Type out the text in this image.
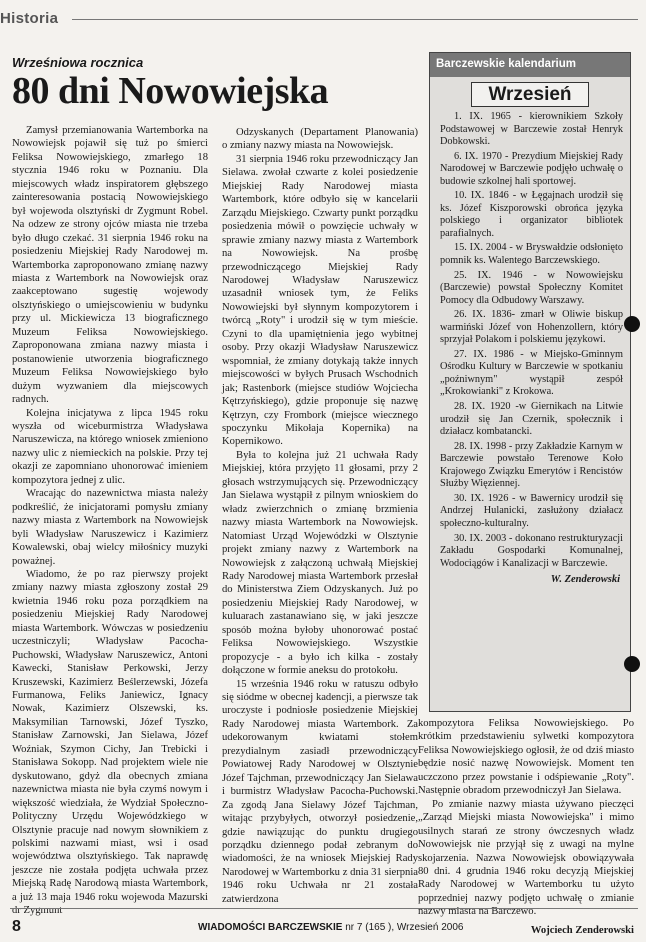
Historia
Wrześniowa rocznica
80 dni Nowowiejska

Zamysł przemianowania Wartemborka na Nowowiejsk pojawił się tuż po śmierci Feliksa Nowowiejskiego, zmarłego 18 stycznia 1946 roku w Poznaniu. Dla miejscowych władz inspiratorem głębszego zainteresowania postacią Nowowiejskiego był wojewoda olsztyński dr Zygmunt Robel. Na odzew ze strony ojców miasta nie trzeba było długo czekać. 31 sierpnia 1946 roku na posiedzeniu Miejskiej Rady Narodowej m. Wartemborka zaproponowano zmianę nazwy miasta z Wartembork na Nowowiejsk oraz zaakceptowano sugestię wojewody olsztyńskiego o umiejscowieniu w budynku przy ul. Mickiewicza 13 biograficznego Muzeum Feliksa Nowowiejskiego. Zaproponowana zmiana nazwy miasta i postanowienie utworzenia biograficznego Muzeum Feliksa Nowowiejskiego było dużym wyzwaniem dla miejscowych radnych.

Kolejna inicjatywa z lipca 1945 roku wyszła od wiceburmistrza Władysława Naruszewicza, na którego wniosek zmieniono nazwy ulic z niemieckich na polskie. Przy tej okazji ze zapomniano uhonorować imieniem kompozytora jednej z ulic.

Wracając do nazewnictwa miasta należy podkreślić, że inicjatorami pomysłu zmiany nazwy miasta z Wartembork na Nowowiejsk byli Władysław Naruszewicz i Kazimierz Kowalewski, obaj wielcy miłośnicy muzyki poważnej.

Wiadomo, że po raz pierwszy projekt zmiany nazwy miasta zgłoszony został 29 kwietnia 1946 roku poza porządkiem na posiedzeniu Miejskiej Rady Narodowej miasta Wartembork. Wówczas w posiedzeniu uczestniczyli; Władysław Pacocha-Puchowski, Władysław Naruszewicz, Antoni Kawecki, Stanisław Perkowski, Jerzy Kruszewski, Kazimierz Beślerzewski, Józefa Furmanowa, Feliks Janiewicz, Ignacy Nowak, Kazimierz Olszewski, ks. Maksymilian Tarnowski, Józef Tyszko, Stanisław Zarnowski, Jan Sielawa, Józef Woźniak, Szymon Cichy, Jan Trebicki i Stanisława Sokopp. Nad projektem wiele nie dyskutowano, gdyż dla obecnych zmiana nazewnictwa miasta nie była czymś nowym i większość wiedziała, że Wydział Społeczno-Polityczny Urzędu Wojewódzkiego w Olsztynie pracuje nad nowym słownikiem z polskimi nazwami miast, wsi i osad województwa olsztyńskiego. Tak naprawdę jeszcze nie została podjęta uchwała przez Miejską Radę Narodową miasta Wartembork, a już 13 maja 1946 roku wojewoda Mazurski dr Zygmunt

Odzyskanych (Departament Planowania) o zmiany nazwy miasta na Nowowiejsk.

31 sierpnia 1946 roku przewodniczący Jan Sielawa. zwołał czwarte z kolei posiedzenie Miejskiej Rady Narodowej miasta Wartembork, które odbyło się w kancelarii Zarządu Miejskiego. Czwarty punkt porządku posiedzenia mówił o powzięcie uchwały w sprawie zmiany nazwy miasta z Wartembork na Nowowiejsk. Na prośbę przewodniczącego Miejskiej Rady Narodowej Władysław Naruszewicz uzasadnił wniosek tym, że Feliks Nowowiejski był słynnym kompozytorem i twórcą „Roty" i urodził się w tym mieście. Czyni to dla upamiętnienia jego wybitnej osoby. Przy okazji Władysław Naruszewicz wspomniał, że zmiany dotykają także innych miejscowości w byłych Prusach Wschodnich jak; Rastenbork (miejsce studiów Wojciecha Kętrzyńskiego), gdzie proponuje się nazwę Kętrzyn, czy Frombork (miejsce wiecznego spoczynku Mikołaja Kopernika) na Kopernikowo.

Była to kolejna już 21 uchwała Rady Miejskiej, która przyjęto 11 głosami, przy 2 głosach wstrzymujących się. Przewodniczący Jan Sielawa wystąpił z pilnym wnioskiem do władz zwierzchnich o zmianę brzmienia nazwy miasta Wartembork na Nowowiejsk. Natomiast Urząd Wojewódzki w Olsztynie projekt zmiany nazwy z Wartembork na Nowowiejsk z załączoną uchwałą Miejskiej Rady Narodowej miasta Wartembork przesłał do Ministerstwa Ziem Odzyskanych. Już po posiedzeniu Miejskiej Rady Narodowej, w kuluarach zastanawiano się, w jaki jeszcze sposób można byłoby uhonorować postać Feliksa Nowowiejskiego. Wszystkie propozycje - a było ich kilka - zostały dołączone w formie aneksu do protokołu.

15 września 1946 roku w ratuszu odbyło się siódme w obecnej kadencji, a pierwsze tak uroczyste i podniosłe posiedzenie Miejskiej Rady Narodowej miasta Wartembork. Za udekorowanym kwiatami stołem prezydialnym zasiadł przewodniczący Powiatowej Rady Narodowej w Olsztynie Józef Tajchman, przewodniczący Jan Sielawa i burmistrz Władysław Pacocha-Puchowski. Za zgodą Jana Sielawy Józef Tajchman, witając przybyłych, otworzył posiedzenie, gdzie nawiązując do punktu drugiego porządku dziennego podał zebranym do wiadomości, że na wniosek Miejskiej Rady Narodowej w Wartemborku z dnia 31 sierpnia 1946 roku Uchwała nr 21 została zatwierdzona

Barczewskie kalendarium
Wrzesień

1. IX. 1965 - kierownikiem Szkoły Podstawowej w Barczewie został Henryk Dobkowski.

6. IX. 1970 - Prezydium Miejskiej Rady Narodowej w Barczewie podjęło uchwałę o budowie szkolnej hali sportowej.

10. IX. 1846 - w Łęgajnach urodził się ks. Józef Kiszporowski obrońca języka polskiego i organizator bibliotek parafialnych.

15. IX. 2004 - w Bryswałdzie odsłonięto pomnik ks. Walentego Barczewskiego.

25. IX. 1946 - w Nowowiejsku (Barczewie) powstał Społeczny Komitet Pomocy dla Odbudowy Warszawy.

26. IX. 1836- zmarł w Oliwie biskup warmiński Józef von Hohenzollern, który sprzyjał Polakom i polskiemu językowi.

27. IX. 1986 - w Miejsko-Gminnym Ośrodku Kultury w Barczewie w spotkaniu „poźniwnym" wystąpił zespół „Krokowianki" z Krokowa.

28. IX. 1920 -w Giernikach na Litwie urodził się Jan Czernik, społecznik i działacz kombatancki.

28. IX. 1998 - przy Zakładzie Karnym w Barczewie powstało Terenowe Koło Krajowego Związku Emerytów i Rencistów Służby Więziennej.

30. IX. 1926 - w Bawernicy urodził się Andrzej Hulanicki, zasłużony działacz społeczno-kulturalny.

30. IX. 2003 - dokonano restrukturyzacji Zakładu Gospodarki Komunalnej, Wodociągów i Kanalizacji w Barczewie.

W. Zenderowski

kompozytora Feliksa Nowowiejskiego. Po krótkim przedstawieniu sylwetki kompozytora Feliksa Nowowiejskiego ogłosił, że od dziś miasto będzie nosić nazwę Nowowiejsk. Moment ten uczczono przez powstanie i odśpiewanie „Roty". Następnie obradom przewodniczył Jan Sielawa.

Po zmianie nazwy miasta używano pieczęci „Zarząd Miejski miasta Nowowiejska" i mimo usilnych starań ze strony ówczesnych władz Nowowiejsk nie przyjął się z uwagi na mylne skojarzenia. Nazwa Nowowiejsk obowiązywała 80 dni. 4 grudnia 1946 roku decyzją Miejskiej Rady Narodowej w Wartemborku tu użyto poprzedniej nazwy podjęto uchwałę o zmianie nazwy miasta na Barczewo.

Wojciech Zenderowski

8	WIADOMOŚCI BARCZEWSKIE nr 7 (165 ), Wrzesień 2006
